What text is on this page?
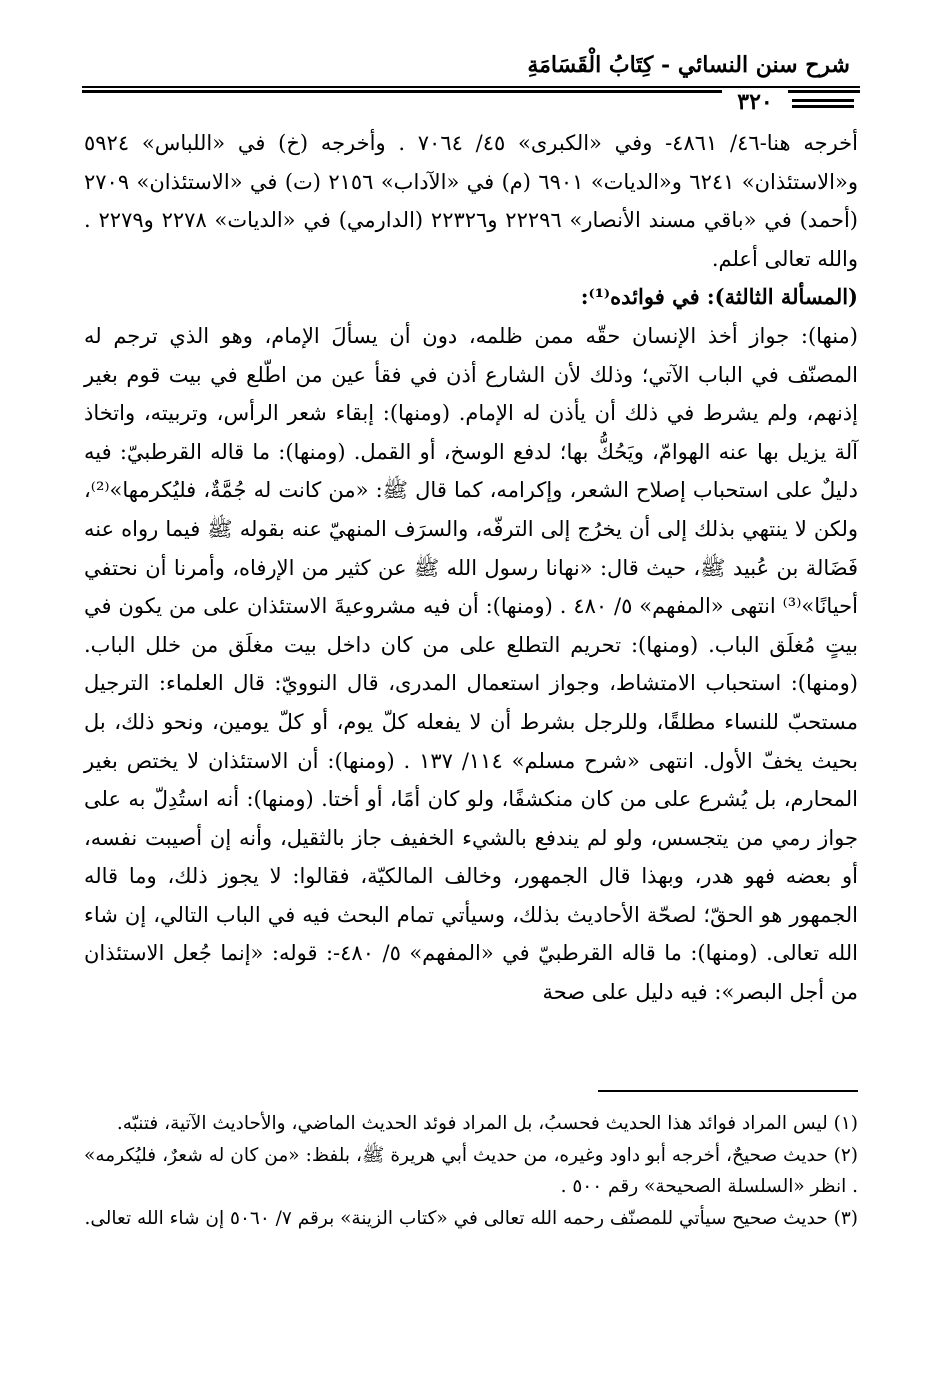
شرح سنن النسائي - كِتَابُ الْقَسَامَةِ
٣٢٠

أخرجه هنا-٤٦/ ٤٨٦١- وفي «الكبرى» ٤٥/ ٧٠٦٤ . وأخرجه (خ) في «اللباس» ٥٩٢٤ و«الاستئذان» ٦٢٤١ و«الديات» ٦٩٠١ (م) في «الآداب» ٢١٥٦ (ت) في «الاستئذان» ٢٧٠٩ (أحمد) في «باقي مسند الأنصار» ٢٢٢٩٦ و٢٢٣٢٦ (الدارمي) في «الديات» ٢٢٧٨ و٢٢٧٩ . والله تعالى أعلم.

(المسألة الثالثة): في فوائده⁽¹⁾:

(منها): جواز أخذ الإنسان حقّه ممن ظلمه، دون أن يسألَ الإمام، وهو الذي ترجم له المصنّف في الباب الآتي؛ وذلك لأن الشارع أذن في فقأ عين من اطّلع في بيت قوم بغير إذنهم، ولم يشرط في ذلك أن يأذن له الإمام. (ومنها): إبقاء شعر الرأس، وتربيته، واتخاذ آلة يزيل بها عنه الهوامّ، ويَحُكُّ بها؛ لدفع الوسخ، أو القمل. (ومنها): ما قاله القرطبيّ: فيه دليلٌ على استحباب إصلاح الشعر، وإكرامه، كما قال ﷺ: «من كانت له جُمَّةٌ، فليُكرمها»⁽²⁾، ولكن لا ينتهي بذلك إلى أن يخرُج إلى الترفّه، والسرَف المنهيّ عنه بقوله ﷺ فيما رواه عنه فَضَالة بن عُبيد ﷺ، حيث قال: «نهانا رسول الله ﷺ عن كثير من الإرفاه، وأمرنا أن نحتفي أحيانًا»⁽³⁾ انتهى «المفهم» ٥/ ٤٨٠ . (ومنها): أن فيه مشروعيةَ الاستئذان على من يكون في بيتٍ مُغلَق الباب. (ومنها): تحريم التطلع على من كان داخل بيت مغلَق من خلل الباب. (ومنها): استحباب الامتشاط، وجواز استعمال المدرى، قال النوويّ: قال العلماء: الترجيل مستحبّ للنساء مطلقًا، وللرجل بشرط أن لا يفعله كلّ يوم، أو كلّ يومين، ونحو ذلك، بل بحيث يخفّ الأول. انتهى «شرح مسلم» ١١٤/ ١٣٧ . (ومنها): أن الاستئذان لا يختص بغير المحارم، بل يُشرع على من كان منكشفًا، ولو كان أمًا، أو أختا. (ومنها): أنه استُدِلّ به على جواز رمي من يتجسس، ولو لم يندفع بالشيء الخفيف جاز بالثقيل، وأنه إن أصيبت نفسه، أو بعضه فهو هدر، وبهذا قال الجمهور، وخالف المالكيّة، فقالوا: لا يجوز ذلك، وما قاله الجمهور هو الحقّ؛ لصحّة الأحاديث بذلك، وسيأتي تمام البحث فيه في الباب التالي، إن شاء الله تعالى. (ومنها): ما قاله القرطبيّ في «المفهم» ٥/ ٤٨٠-: قوله: «إنما جُعل الاستئذان من أجل البصر»: فيه دليل على صحة

(١) ليس المراد فوائد هذا الحديث فحسبُ، بل المراد فوئد الحديث الماضي، والأحاديث الآتية، فتنبّه.

(٢) حديث صحيحٌ، أخرجه أبو داود وغيره، من حديث أبي هريرة ﷺ، بلفظ: «من كان له شعرٌ، فليُكرمه» . انظر «السلسلة الصحيحة» رقم ٥٠٠ .

(٣) حديث صحيح سيأتي للمصنّف رحمه الله تعالى في «كتاب الزينة» برقم ٧/ ٥٠٦٠ إن شاء الله تعالى.
